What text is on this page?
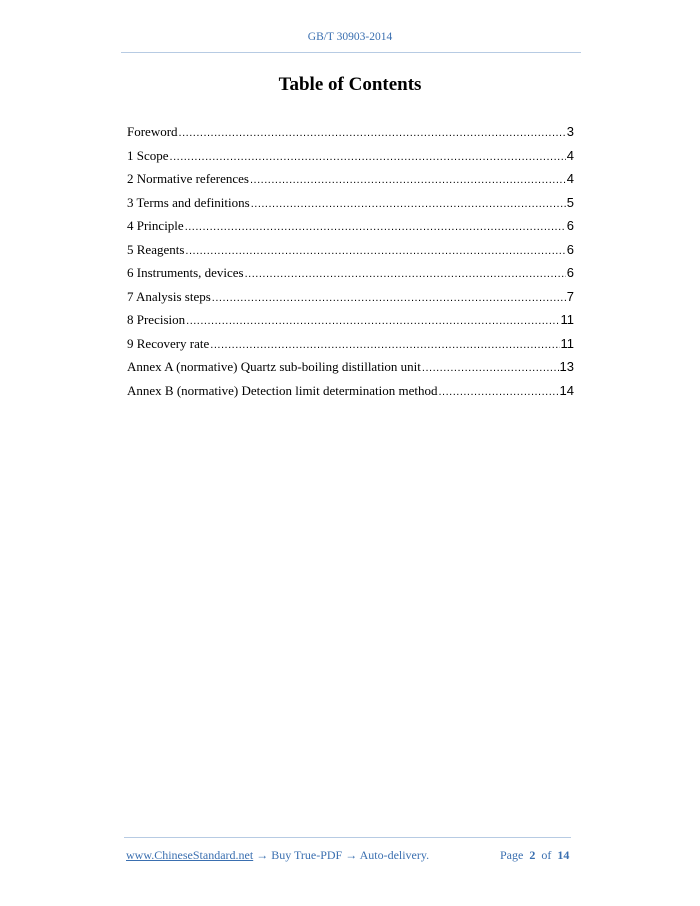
GB/T 30903-2014
Table of Contents
Foreword .....	3
1 Scope .....	4
2 Normative references .....	4
3 Terms and definitions .....	5
4 Principle .....	6
5 Reagents .....	6
6 Instruments, devices .....	6
7 Analysis steps .....	7
8 Precision .....	11
9 Recovery rate .....	11
Annex A (normative) Quartz sub-boiling distillation unit .....	13
Annex B (normative) Detection limit determination method .....	14
www.ChineseStandard.net → Buy True-PDF → Auto-delivery.	Page 2 of 14
